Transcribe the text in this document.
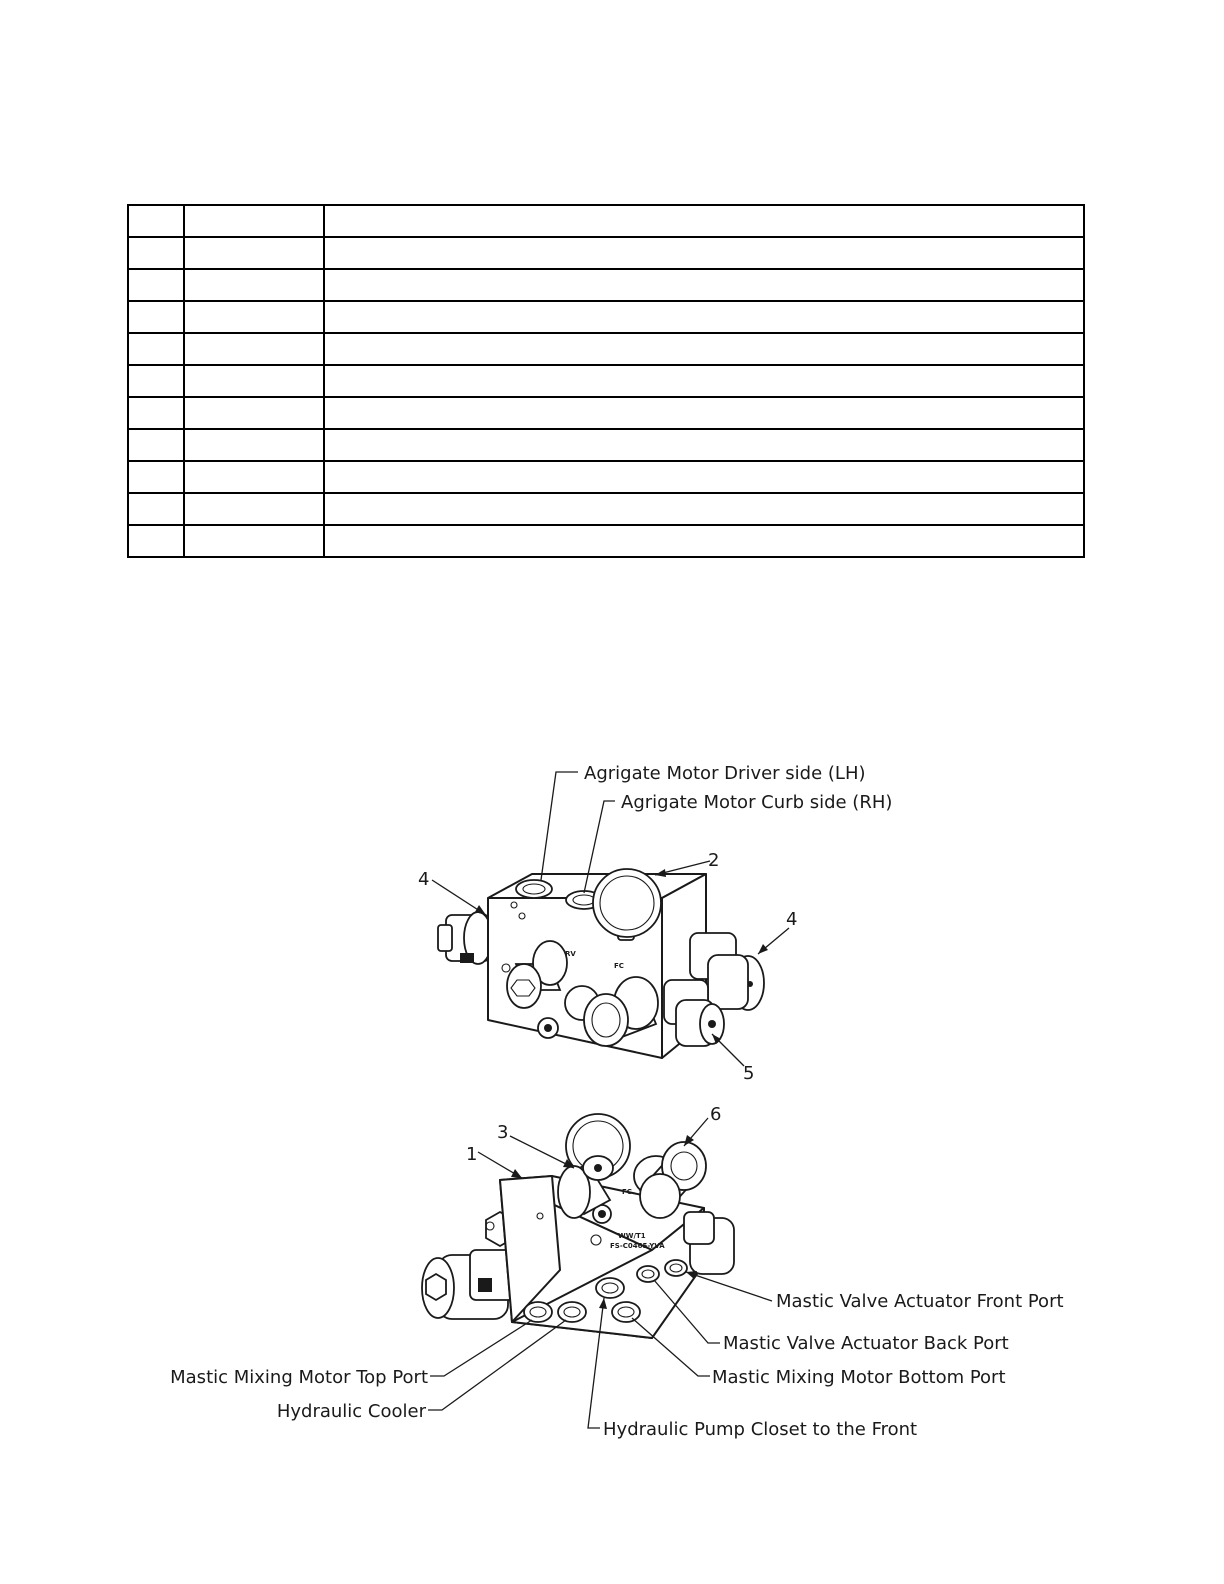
RV
FC
Agrigate Motor Driver side (LH)
Agrigate Motor Curb side (RH)
2
4
4
5
FC
WW/T1
FS-C0465-YVA
6
3
1
Mastic Valve Actuator Front Port
Mastic Valve Actuator Back Port
Mastic Mixing Motor Bottom Port
Mastic Mixing Motor Top Port
Hydraulic Cooler
Hydraulic Pump Closet to the Front
